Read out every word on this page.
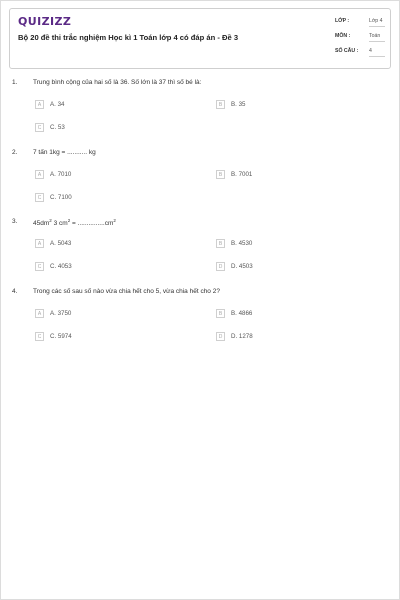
QUIZIZZ
Bộ 20 đề thi trắc nghiệm Học kì 1 Toán lớp 4 có đáp án - Đề 3
LỚP :	Lớp 4
MÔN :	Toán
SỐ CÂU : 4
1. Trung bình cộng của hai số là 36. Số lớn là 37 thì số bé là:
A	A. 34	B	B. 35
C	C. 53
2. 7 tấn 1kg = ........... kg
A	A. 7010	B	B. 7001
C	C. 7100
3. $45dm^2$ 3 $cm^2 = ...............cm^2$
A	A. 5043	B	B. 4530
C	C. 4053	D	D. 4503
4. Trong các số sau số nào vừa chia hết cho 5, vừa chia hết cho 2?
A	A. 3750	B	B. 4866
C	C. 5974	D	D. 1278
